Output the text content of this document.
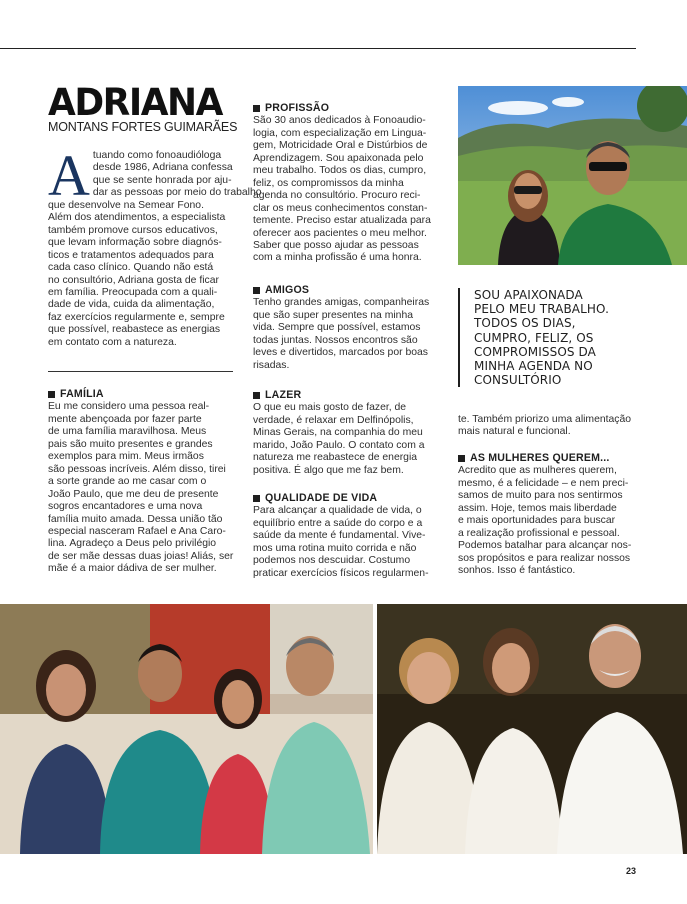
ADRIANA
MONTANS FORTES GUIMARÃES
A tuando como fonoaudióloga
desde 1986, Adriana confessa
que se sente honrada por aju-
dar as pessoas por meio do trabalho
que desenvolve na Semear Fono.
Além dos atendimentos, a especialista
também promove cursos educativos,
que levam informação sobre diagnós-
ticos e tratamentos adequados para
cada caso clínico. Quando não está
no consultório, Adriana gosta de ficar
em família. Preocupada com a quali-
dade de vida, cuida da alimentação,
faz exercícios regularmente e, sempre
que possível, reabastece as energias
em contato com a natureza.
FAMÍLIA
Eu me considero uma pessoa real-
mente abençoada por fazer parte
de uma família maravilhosa. Meus
pais são muito presentes e grandes
exemplos para mim. Meus irmãos
são pessoas incríveis. Além disso, tirei
a sorte grande ao me casar com o
João Paulo, que me deu de presente
sogros encantadores e uma nova
família muito amada. Dessa união tão
especial nasceram Rafael e Ana Caro-
lina. Agradeço a Deus pelo privilégio
de ser mãe dessas duas joias! Aliás, ser
mãe é a maior dádiva de ser mulher.
PROFISSÃO
São 30 anos dedicados à Fonoaudio-
logia, com especialização em Lingua-
gem, Motricidade Oral e Distúrbios de
Aprendizagem. Sou apaixonada pelo
meu trabalho. Todos os dias, cumpro,
feliz, os compromissos da minha
agenda no consultório. Procuro reci-
clar os meus conhecimentos constan-
temente. Preciso estar atualizada para
oferecer aos pacientes o meu melhor.
Saber que posso ajudar as pessoas
com a minha profissão é uma honra.
AMIGOS
Tenho grandes amigas, companheiras
que são super presentes na minha
vida. Sempre que possível, estamos
todas juntas. Nossos encontros são
leves e divertidos, marcados por boas
risadas.
LAZER
O que eu mais gosto de fazer, de
verdade, é relaxar em Delfinópolis,
Minas Gerais, na companhia do meu
marido, João Paulo. O contato com a
natureza me reabastece de energia
positiva. É algo que me faz bem.
QUALIDADE DE VIDA
Para alcançar a qualidade de vida, o
equilíbrio entre a saúde do corpo e a
saúde da mente é fundamental. Vive-
mos uma rotina muito corrida e não
podemos nos descuidar. Costumo
praticar exercícios físicos regularmen-
SOU APAIXONADA
PELO MEU TRABALHO.
TODOS OS DIAS,
CUMPRO, FELIZ, OS
COMPROMISSOS DA
MINHA AGENDA NO
CONSULTÓRIO
te. Também priorizo uma alimentação
mais natural e funcional.
AS MULHERES QUEREM...
Acredito que as mulheres querem,
mesmo, é a felicidade – e nem preci-
samos de muito para nos sentirmos
assim. Hoje, temos mais liberdade
e mais oportunidades para buscar
a realização profissional e pessoal.
Podemos batalhar para alcançar nos-
sos propósitos e para realizar nossos
sonhos. Isso é fantástico.
23
